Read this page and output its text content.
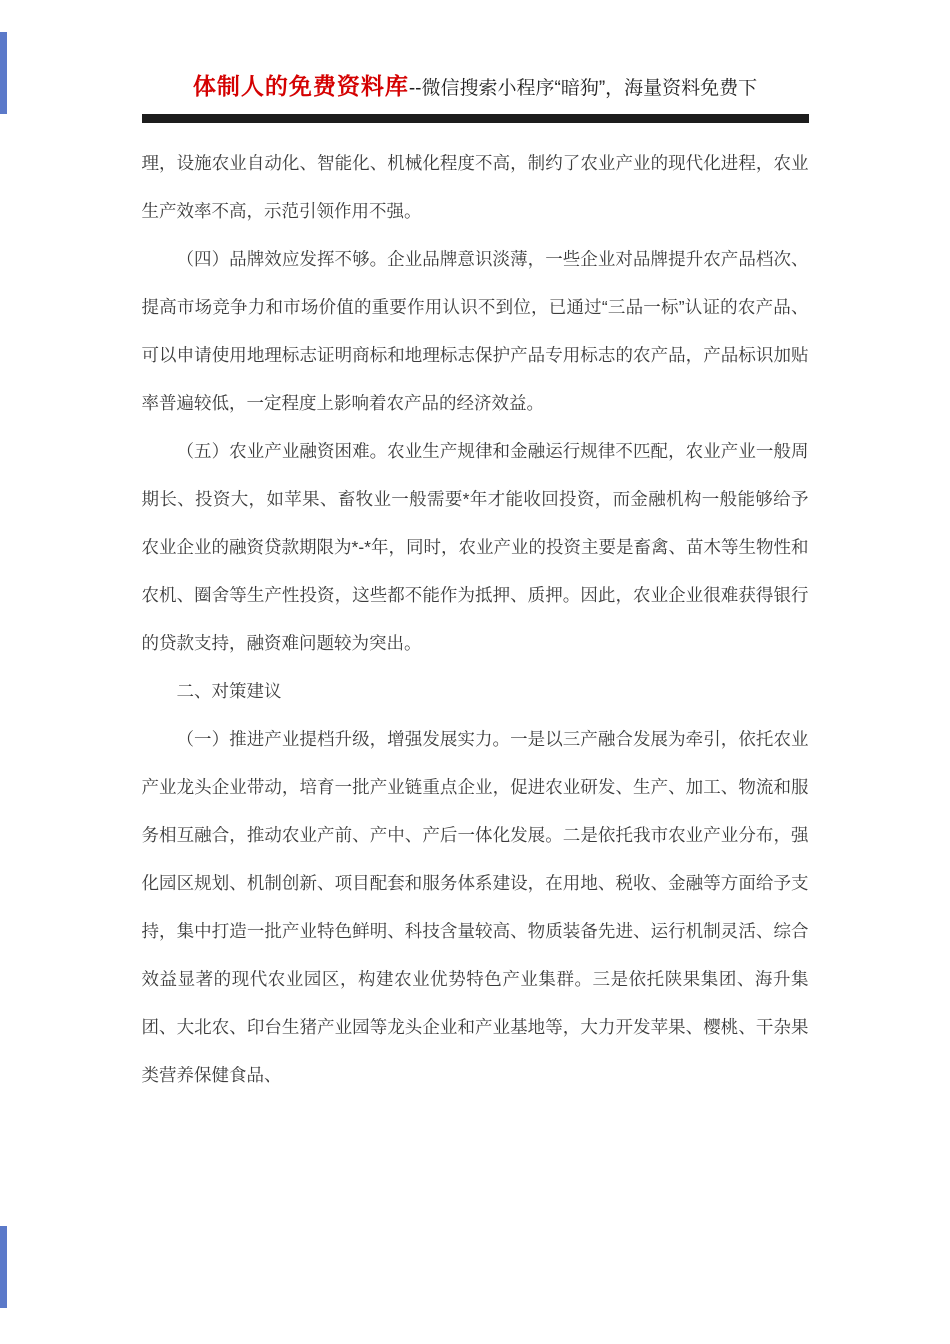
体制人的免费资料库--微信搜索小程序“暗狗”，海量资料免费下

理，设施农业自动化、智能化、机械化程度不高，制约了农业产业的现代化进程，农业生产效率不高，示范引领作用不强。

（四）品牌效应发挥不够。企业品牌意识淡薄，一些企业对品牌提升农产品档次、提高市场竞争力和市场价值的重要作用认识不到位，已通过“三品一标”认证的农产品、可以申请使用地理标志证明商标和地理标志保护产品专用标志的农产品，产品标识加贴率普遍较低，一定程度上影响着农产品的经济效益。

（五）农业产业融资困难。农业生产规律和金融运行规律不匹配，农业产业一般周期长、投资大，如苹果、畜牧业一般需要*年才能收回投资，而金融机构一般能够给予农业企业的融资贷款期限为*-*年，同时，农业产业的投资主要是畜禽、苗木等生物性和农机、圈舍等生产性投资，这些都不能作为抵押、质押。因此，农业企业很难获得银行的贷款支持，融资难问题较为突出。

二、对策建议

（一）推进产业提档升级，增强发展实力。一是以三产融合发展为牵引，依托农业产业龙头企业带动，培育一批产业链重点企业，促进农业研发、生产、加工、物流和服务相互融合，推动农业产前、产中、产后一体化发展。二是依托我市农业产业分布，强化园区规划、机制创新、项目配套和服务体系建设，在用地、税收、金融等方面给予支持，集中打造一批产业特色鲜明、科技含量较高、物质装备先进、运行机制灵活、综合效益显著的现代农业园区，构建农业优势特色产业集群。三是依托陕果集团、海升集团、大北农、印台生猪产业园等龙头企业和产业基地等，大力开发苹果、樱桃、干杂果类营养保健食品、
